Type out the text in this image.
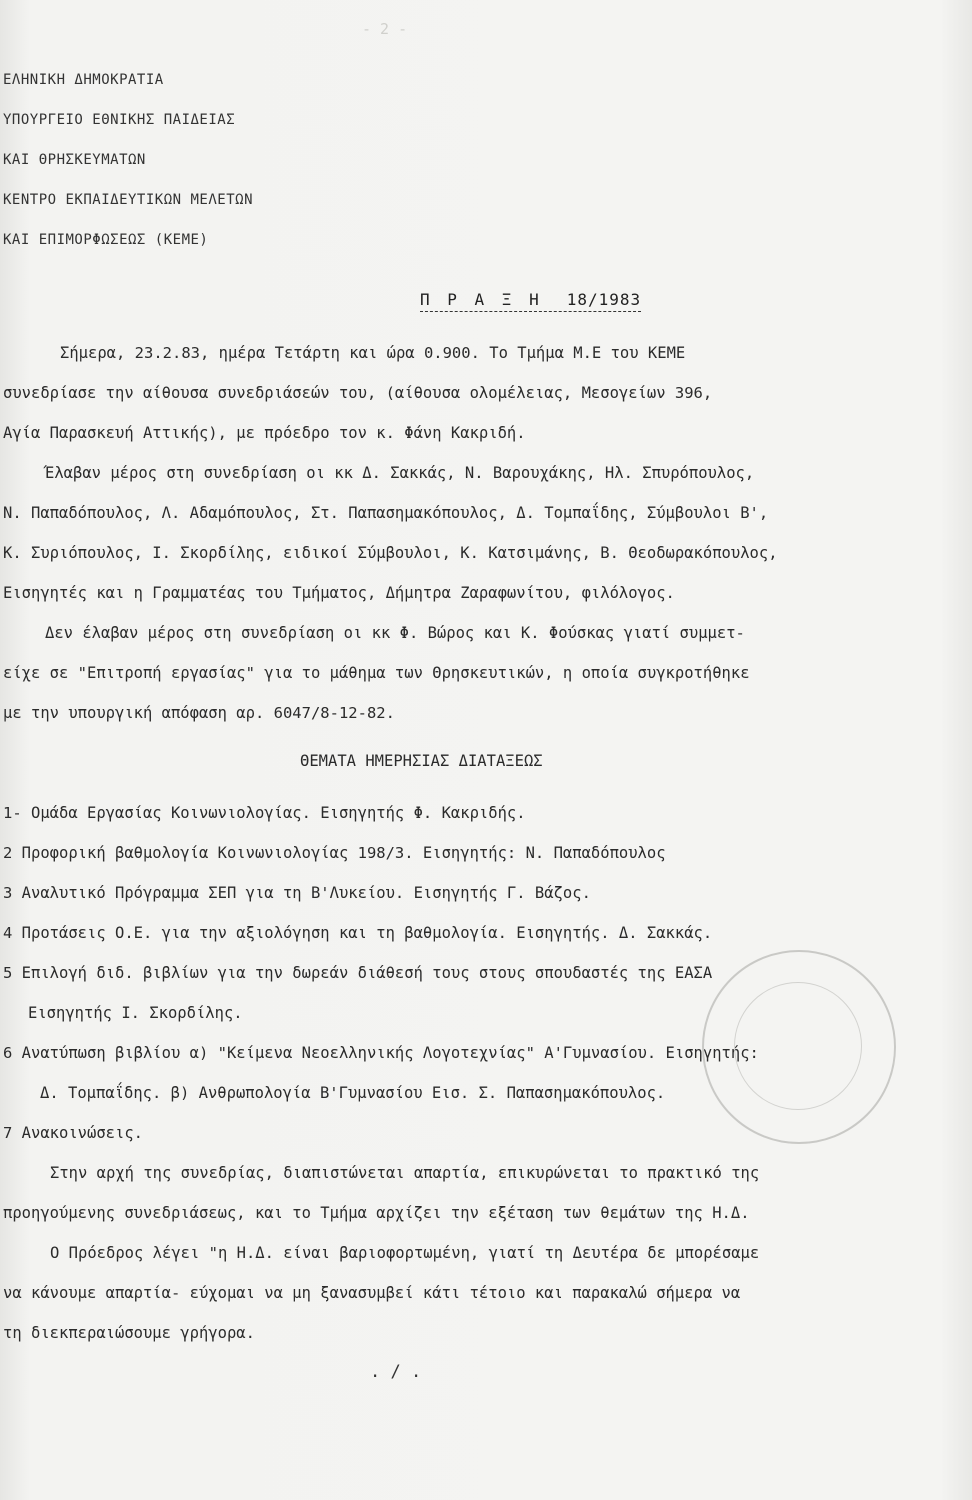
- 2 -
ΕΛΗΝΙΚΗ ΔΗΜΟΚΡΑΤΙΑ
ΥΠΟΥΡΓΕΙΟ ΕΘΝΙΚΗΣ ΠΑΙΔΕΙΑΣ
ΚΑΙ ΘΡΗΣΚΕΥΜΑΤΩΝ
ΚΕΝΤΡΟ ΕΚΠΑΙΔΕΥΤΙΚΩΝ ΜΕΛΕΤΩΝ
ΚΑΙ ΕΠΙΜΟΡΦΩΣΕΩΣ (ΚΕΜΕ)
Π Ρ Α Ξ Η 18/1983
Σήμερα, 23.2.83, ημέρα Τετάρτη και ώρα 0.900. Το Τμήμα Μ.Ε του ΚΕΜΕ
συνεδρίασε την αίθουσα συνεδριάσεών του, (αίθουσα ολομέλειας, Μεσογείων 396,
Αγία Παρασκευή Αττικής), με πρόεδρο τον κ. Φάνη Κακριδή.
Έλαβαν μέρος στη συνεδρίαση οι κκ Δ. Σακκάς, Ν. Βαρουχάκης, Ηλ. Σπυρόπουλος,
Ν. Παπαδόπουλος, Λ. Αδαμόπουλος, Στ. Παπασημακόπουλος, Δ. Τομπαΐδης, Σύμβουλοι Β',
Κ. Συριόπουλος, Ι. Σκορδίλης, ειδικοί Σύμβουλοι, Κ. Κατσιμάνης, Β. Θεοδωρακόπουλος,
Εισηγητές και η Γραμματέας του Τμήματος, Δήμητρα Ζαραφωνίτου, φιλόλογος.
Δεν έλαβαν μέρος στη συνεδρίαση οι κκ Φ. Βώρος και Κ. Φούσκας γιατί συμμετ-
είχε σε "Επιτροπή εργασίας" για το μάθημα των Θρησκευτικών, η οποία συγκροτήθηκε
με την υπουργική απόφαση αρ. 6047/8-12-82.
ΘΕΜΑΤΑ ΗΜΕΡΗΣΙΑΣ ΔΙΑΤΑΞΕΩΣ
1- Ομάδα Εργασίας Κοινωνιολογίας. Εισηγητής Φ. Κακριδής.
2 Προφορική βαθμολογία Κοινωνιολογίας 198/3. Εισηγητής: Ν. Παπαδόπουλος
3 Αναλυτικό Πρόγραμμα ΣΕΠ για τη Β'Λυκείου. Εισηγητής Γ. Βάζος.
4 Προτάσεις Ο.Ε. για την αξιολόγηση και τη βαθμολογία. Εισηγητής. Δ. Σακκάς.
5 Επιλογή διδ. βιβλίων για την δωρεάν διάθεσή τους στους σπουδαστές της ΕΑΣΑ
Εισηγητής Ι. Σκορδίλης.
6 Ανατύπωση βιβλίου α) "Κείμενα Νεοελληνικής Λογοτεχνίας" Α'Γυμνασίου. Εισηγητής:
Δ. Τομπαΐδης. β) Ανθρωπολογία Β'Γυμνασίου Εισ. Σ. Παπασημακόπουλος.
7 Ανακοινώσεις.
Στην αρχή της συνεδρίας, διαπιστώνεται απαρτία, επικυρώνεται το πρακτικό της
προηγούμενης συνεδριάσεως, και το Τμήμα αρχίζει την εξέταση των θεμάτων της Η.Δ.
Ο Πρόεδρος λέγει "η Η.Δ. είναι βαριοφορτωμένη, γιατί τη Δευτέρα δε μπορέσαμε
να κάνουμε απαρτία- εύχομαι να μη ξανασυμβεί κάτι τέτοιο και παρακαλώ σήμερα να
τη διεκπεραιώσουμε γρήγορα.
. / .
